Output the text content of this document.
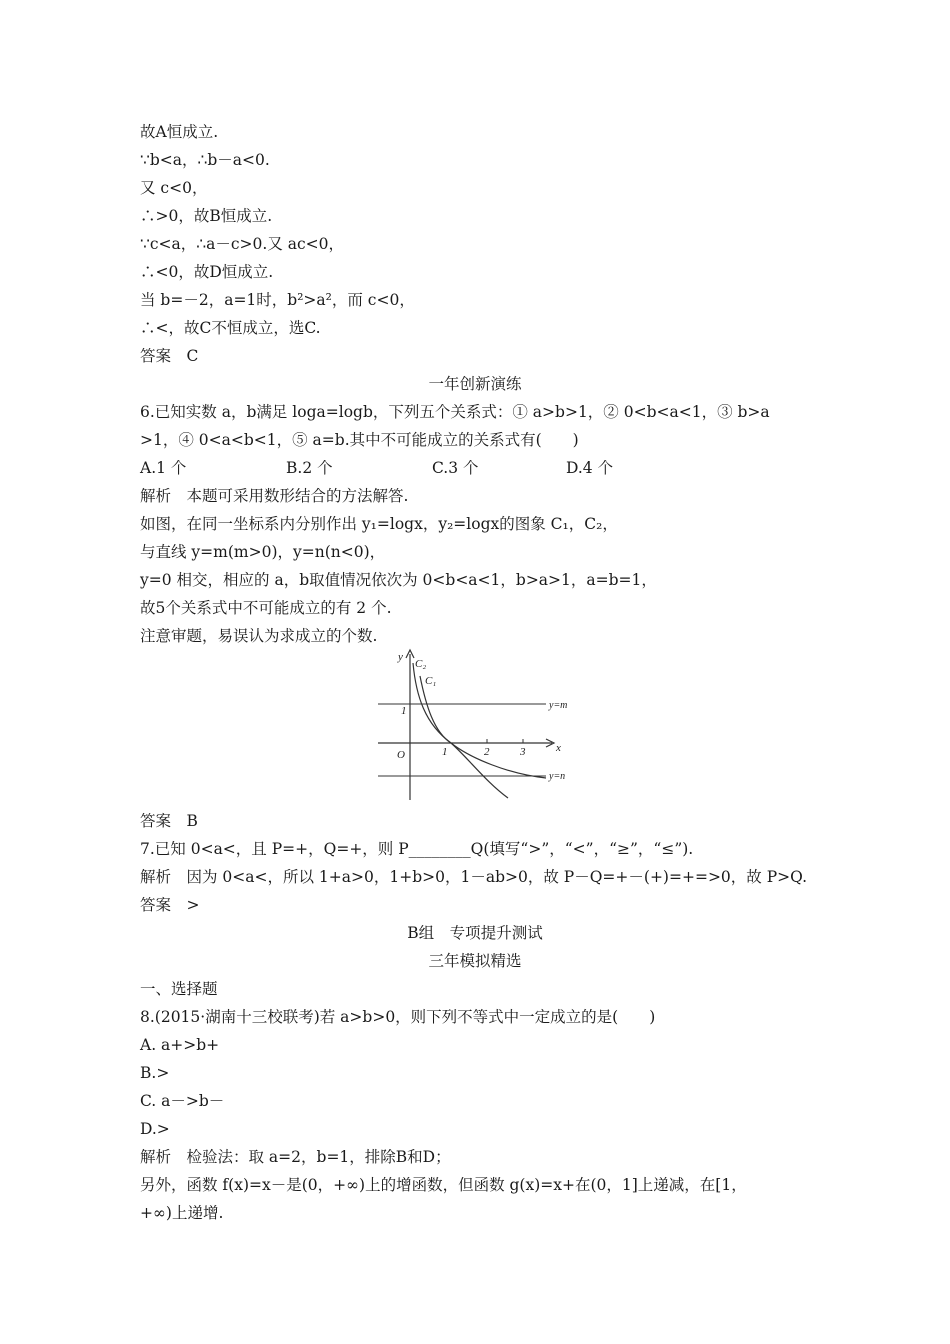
故A恒成立.
∵b<a，∴b－a<0.
又 c<0，
∴>0，故B恒成立.
∵c<a，∴a－c>0.又 ac<0，
∴<0，故D恒成立.
当 b=－2，a=1时，b²>a²，而 c<0，
∴<，故C不恒成立，选C.
答案　C
一年创新演练
6.已知实数 a，b满足 loga=logb，下列五个关系式：① a>b>1，② 0<b<a<1，③ b>a
>1，④ 0<a<b<1，⑤ a=b.其中不可能成立的关系式有(　　)
A.1 个	B.2 个	C.3 个	D.4 个
解析　本题可采用数形结合的方法解答.
如图，在同一坐标系内分别作出 y₁=logx，y₂=logx的图象 C₁，C₂，
与直线 y=m(m>0)，y=n(n<0)，
y=0 相交，相应的 a，b取值情况依次为 0<b<a<1，b>a>1，a=b=1，
故5个关系式中不可能成立的有 2 个.
注意审题，易误认为求成立的个数.
y
x
O
1
1	2	3
C₂
C₁
y=m
y=n
答案　B
7.已知 0<a<，且 P=+，Q=+，则 P________Q(填写“>”，“<”，“≥”，“≤”).
解析　因为 0<a<，所以 1+a>0，1+b>0，1－ab>0，故 P－Q=+－(+)=+=>0，故 P>Q.
答案　>
B组　专项提升测试
三年模拟精选
一、选择题
8.(2015·湖南十三校联考)若 a>b>0，则下列不等式中一定成立的是(　　)
A. a+>b+
B.>
C. a－>b－
D.>
解析　检验法：取 a=2，b=1，排除B和D；
另外，函数 f(x)=x－是(0，+∞)上的增函数，但函数 g(x)=x+在(0，1]上递减，在[1，
+∞)上递增.
